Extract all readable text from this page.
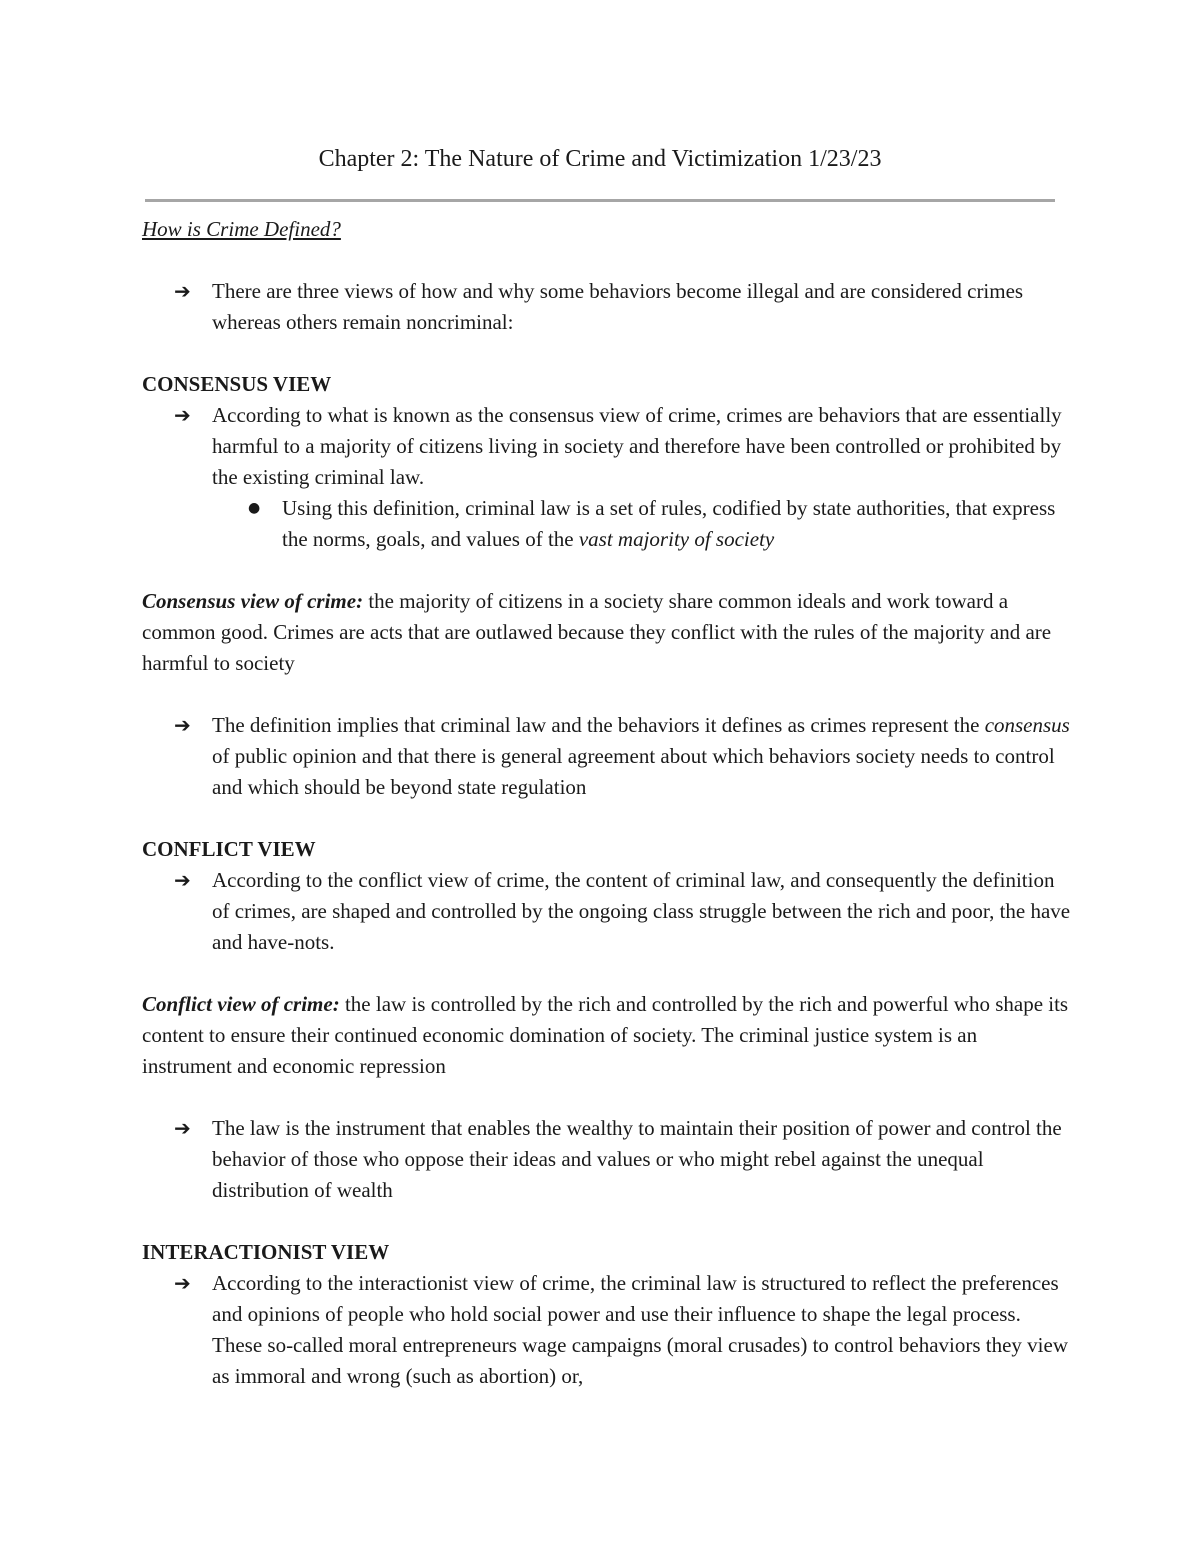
Chapter 2: The Nature of Crime and Victimization 1/23/23

How is Crime Defined?

➔ There are three views of how and why some behaviors become illegal and are considered crimes whereas others remain noncriminal:

CONSENSUS VIEW

➔ According to what is known as the consensus view of crime, crimes are behaviors that are essentially harmful to a majority of citizens living in society and therefore have been controlled or prohibited by the existing criminal law.

● Using this definition, criminal law is a set of rules, codified by state authorities, that express the norms, goals, and values of the vast majority of society

Consensus view of crime: the majority of citizens in a society share common ideals and work toward a common good. Crimes are acts that are outlawed because they conflict with the rules of the majority and are harmful to society

➔ The definition implies that criminal law and the behaviors it defines as crimes represent the consensus of public opinion and that there is general agreement about which behaviors society needs to control and which should be beyond state regulation

CONFLICT VIEW

➔ According to the conflict view of crime, the content of criminal law, and consequently the definition of crimes, are shaped and controlled by the ongoing class struggle between the rich and poor, the have and have-nots.

Conflict view of crime: the law is controlled by the rich and controlled by the rich and powerful who shape its content to ensure their continued economic domination of society. The criminal justice system is an instrument and economic repression

➔ The law is the instrument that enables the wealthy to maintain their position of power and control the behavior of those who oppose their ideas and values or who might rebel against the unequal distribution of wealth

INTERACTIONIST VIEW

➔ According to the interactionist view of crime, the criminal law is structured to reflect the preferences and opinions of people who hold social power and use their influence to shape the legal process. These so-called moral entrepreneurs wage campaigns (moral crusades) to control behaviors they view as immoral and wrong (such as abortion) or,
